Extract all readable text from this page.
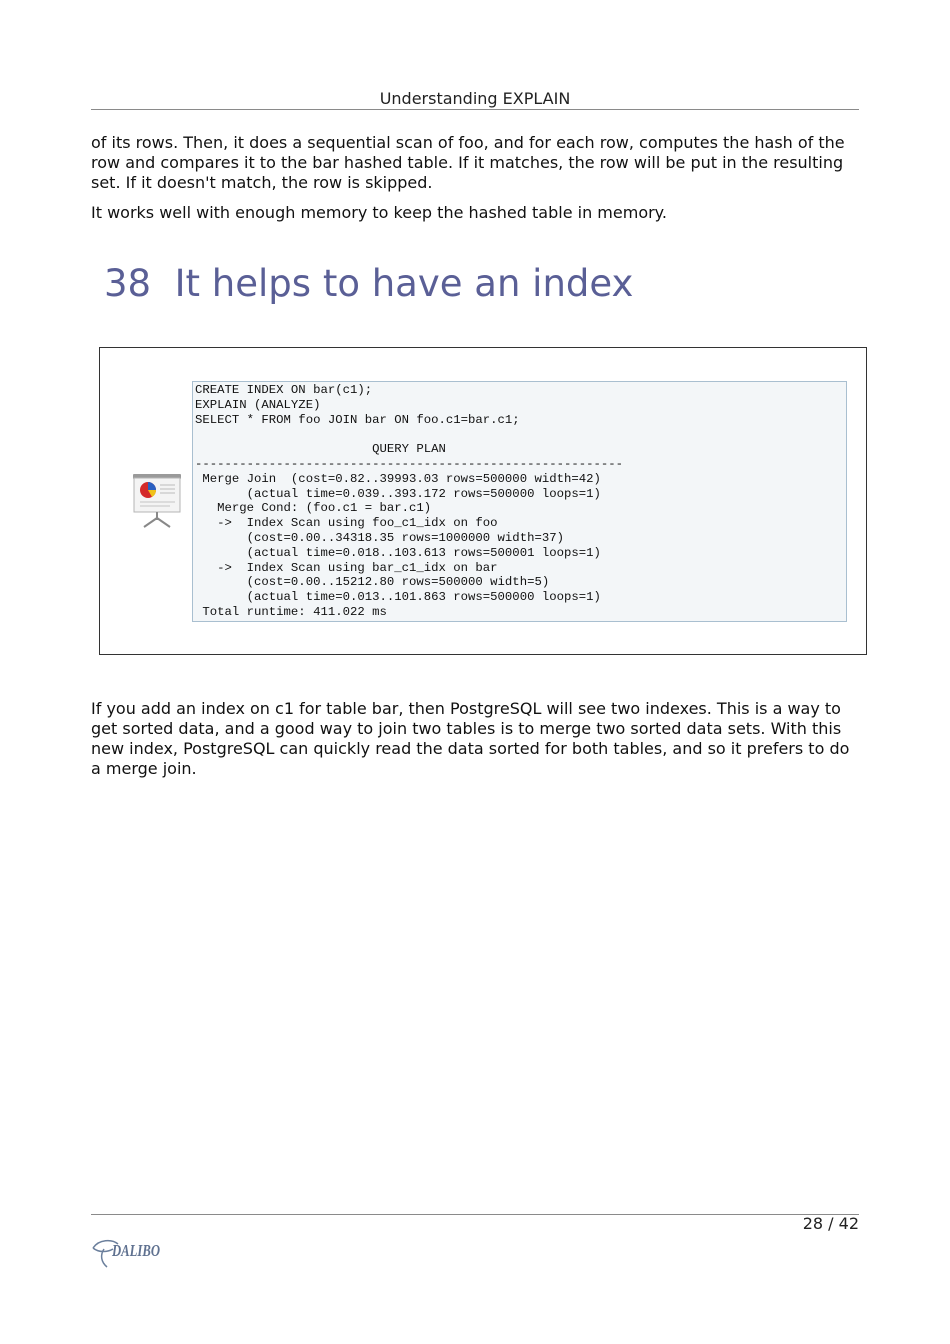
Understanding EXPLAIN

of its rows. Then, it does a sequential scan of foo, and for each row, computes the hash of the row and compares it to the bar hashed table. If it matches, the row will be put in the resulting set. If it doesn't match, the row is skipped.

It works well with enough memory to keep the hashed table in memory.

38 It helps to have an index
CREATE INDEX ON bar(c1);
EXPLAIN (ANALYZE)
SELECT * FROM foo JOIN bar ON foo.c1=bar.c1;

QUERY PLAN
----------------------------------------------------------
Merge Join  (cost=0.82..39993.03 rows=500000 width=42)
(actual time=0.039..393.172 rows=500000 loops=1)
Merge Cond: (foo.c1 = bar.c1)
->  Index Scan using foo_c1_idx on foo
(cost=0.00..34318.35 rows=1000000 width=37)
(actual time=0.018..103.613 rows=500001 loops=1)
->  Index Scan using bar_c1_idx on bar
(cost=0.00..15212.80 rows=500000 width=5)
(actual time=0.013..101.863 rows=500000 loops=1)
Total runtime: 411.022 ms

If you add an index on c1 for table bar, then PostgreSQL will see two indexes. This is a way to get sorted data, and a good way to join two tables is to merge two sorted data sets. With this new index, PostgreSQL can quickly read the data sorted for both tables, and so it prefers to do a merge join.

28 / 42
DALIBO
